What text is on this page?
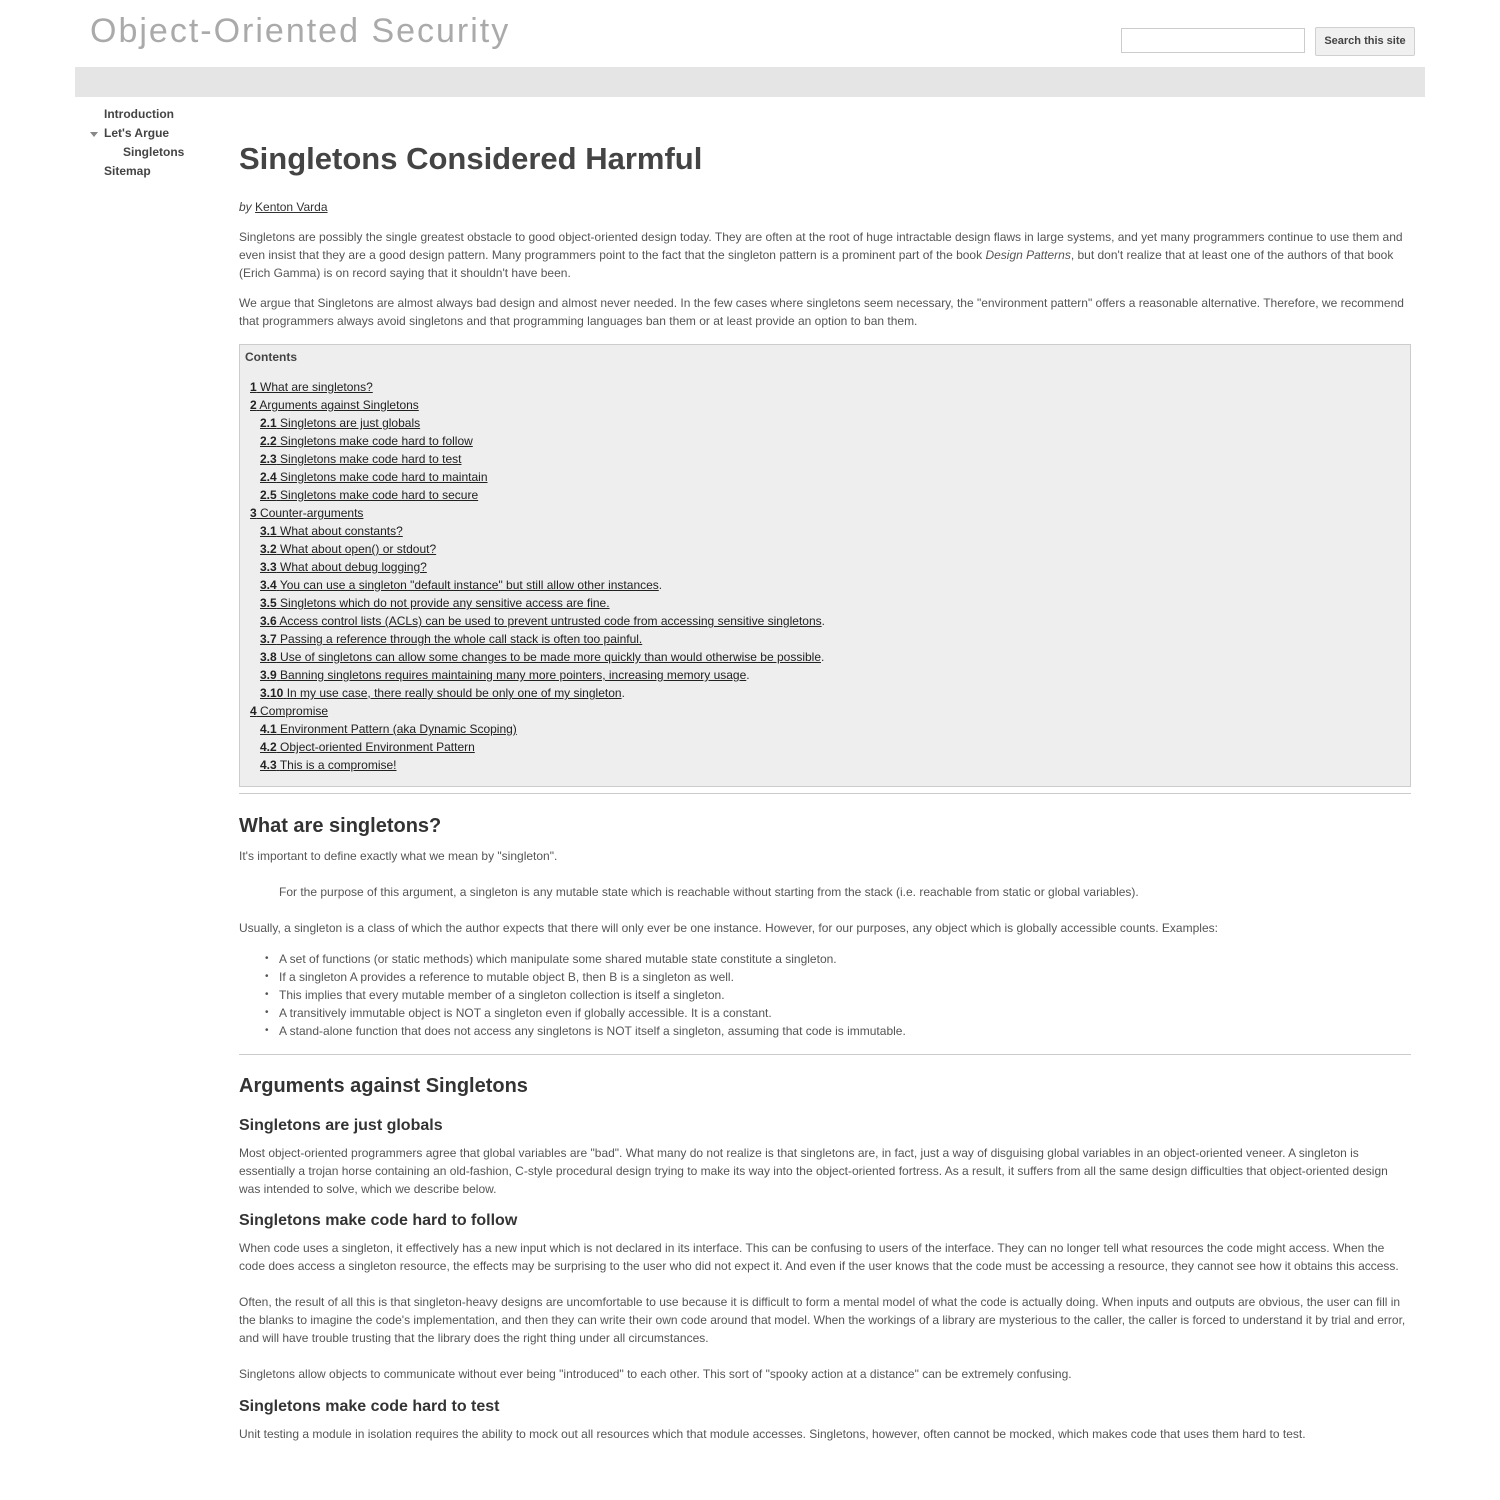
Object-Oriented Security	Search this site
Introduction
Let's Argue
Singletons
Sitemap	Singletons Considered Harmful
by Kenton Varda

Singletons are possibly the single greatest obstacle to good object-oriented design today. They are often at the root of huge intractable design flaws in large systems, and yet many programmers continue to use them and even insist that they are a good design pattern. Many programmers point to the fact that the singleton pattern is a prominent part of the book Design Patterns, but don't realize that at least one of the authors of that book (Erich Gamma) is on record saying that it shouldn't have been.

We argue that Singletons are almost always bad design and almost never needed. In the few cases where singletons seem necessary, the "environment pattern" offers a reasonable alternative. Therefore, we recommend that programmers always avoid singletons and that programming languages ban them or at least provide an option to ban them.

Contents
1 What are singletons?
2 Arguments against Singletons
2.1 Singletons are just globals
2.2 Singletons make code hard to follow
2.3 Singletons make code hard to test
2.4 Singletons make code hard to maintain
2.5 Singletons make code hard to secure
3 Counter-arguments
3.1 What about constants?
3.2 What about open() or stdout?
3.3 What about debug logging?
3.4 You can use a singleton "default instance" but still allow other instances.
3.5 Singletons which do not provide any sensitive access are fine.
3.6 Access control lists (ACLs) can be used to prevent untrusted code from accessing sensitive singletons.
3.7 Passing a reference through the whole call stack is often too painful.
3.8 Use of singletons can allow some changes to be made more quickly than would otherwise be possible.
3.9 Banning singletons requires maintaining many more pointers, increasing memory usage.
3.10 In my use case, there really should be only one of my singleton.
4 Compromise
4.1 Environment Pattern (aka Dynamic Scoping)
4.2 Object-oriented Environment Pattern
4.3 This is a compromise!
What are singletons?

It's important to define exactly what we mean by "singleton".

For the purpose of this argument, a singleton is any mutable state which is reachable without starting from the stack (i.e. reachable from static or global variables).

Usually, a singleton is a class of which the author expects that there will only ever be one instance. However, for our purposes, any object which is globally accessible counts. Examples:

• A set of functions (or static methods) which manipulate some shared mutable state constitute a singleton.
• If a singleton A provides a reference to mutable object B, then B is a singleton as well.
• This implies that every mutable member of a singleton collection is itself a singleton.
• A transitively immutable object is NOT a singleton even if globally accessible. It is a constant.
• A stand-alone function that does not access any singletons is NOT itself a singleton, assuming that code is immutable.
Arguments against Singletons
Singletons are just globals

Most object-oriented programmers agree that global variables are "bad". What many do not realize is that singletons are, in fact, just a way of disguising global variables in an object-oriented veneer. A singleton is essentially a trojan horse containing an old-fashion, C-style procedural design trying to make its way into the object-oriented fortress. As a result, it suffers from all the same design difficulties that object-oriented design was intended to solve, which we describe below.

Singletons make code hard to follow

When code uses a singleton, it effectively has a new input which is not declared in its interface. This can be confusing to users of the interface. They can no longer tell what resources the code might access. When the code does access a singleton resource, the effects may be surprising to the user who did not expect it. And even if the user knows that the code must be accessing a resource, they cannot see how it obtains this access.

Often, the result of all this is that singleton-heavy designs are uncomfortable to use because it is difficult to form a mental model of what the code is actually doing. When inputs and outputs are obvious, the user can fill in the blanks to imagine the code's implementation, and then they can write their own code around that model. When the workings of a library are mysterious to the caller, the caller is forced to understand it by trial and error, and will have trouble trusting that the library does the right thing under all circumstances.

Singletons allow objects to communicate without ever being "introduced" to each other. This sort of "spooky action at a distance" can be extremely confusing.

Singletons make code hard to test

Unit testing a module in isolation requires the ability to mock out all resources which that module accesses. Singletons, however, often cannot be mocked, which makes code that uses them hard to test.
